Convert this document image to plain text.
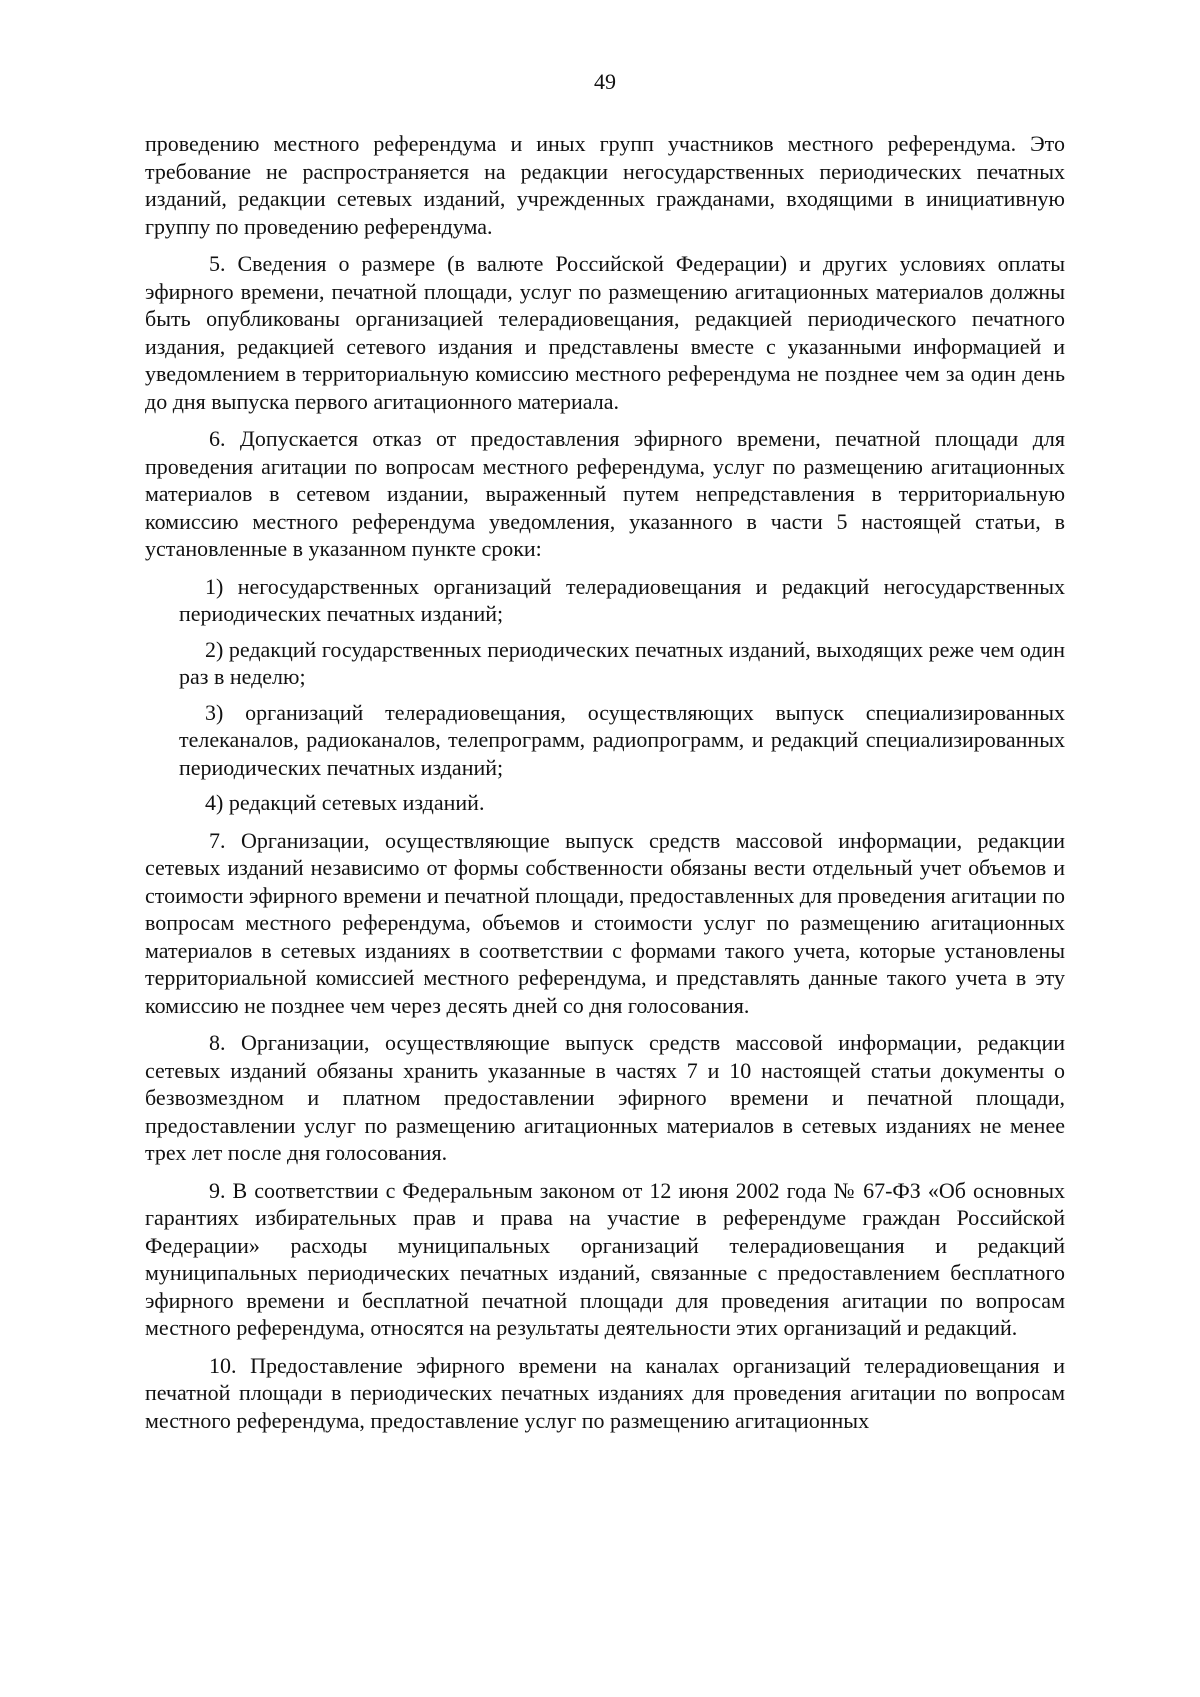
49

проведению местного референдума и иных групп участников местного референдума. Это требование не распространяется на редакции негосударственных периодических печатных изданий, редакции сетевых изданий, учрежденных гражданами, входящими в инициативную группу по проведению референдума.

5. Сведения о размере (в валюте Российской Федерации) и других условиях оплаты эфирного времени, печатной площади, услуг по размещению агитационных материалов должны быть опубликованы организацией телерадиовещания, редакцией периодического печатного издания, редакцией сетевого издания и представлены вместе с указанными информацией и уведомлением в территориальную комиссию местного референдума не позднее чем за один день до дня выпуска первого агитационного материала.

6. Допускается отказ от предоставления эфирного времени, печатной площади для проведения агитации по вопросам местного референдума, услуг по размещению агитационных материалов в сетевом издании, выраженный путем непредставления в территориальную комиссию местного референдума уведомления, указанного в части 5 настоящей статьи, в установленные в указанном пункте сроки:

1) негосударственных организаций телерадиовещания и редакций негосударственных периодических печатных изданий;
2) редакций государственных периодических печатных изданий, выходящих реже чем один раз в неделю;
3) организаций телерадиовещания, осуществляющих выпуск специализированных телеканалов, радиоканалов, телепрограмм, радиопрограмм, и редакций специализированных периодических печатных изданий;
4) редакций сетевых изданий.

7. Организации, осуществляющие выпуск средств массовой информации, редакции сетевых изданий независимо от формы собственности обязаны вести отдельный учет объемов и стоимости эфирного времени и печатной площади, предоставленных для проведения агитации по вопросам местного референдума, объемов и стоимости услуг по размещению агитационных материалов в сетевых изданиях в соответствии с формами такого учета, которые установлены территориальной комиссией местного референдума, и представлять данные такого учета в эту комиссию не позднее чем через десять дней со дня голосования.

8. Организации, осуществляющие выпуск средств массовой информации, редакции сетевых изданий обязаны хранить указанные в частях 7 и 10 настоящей статьи документы о безвозмездном и платном предоставлении эфирного времени и печатной площади, предоставлении услуг по размещению агитационных материалов в сетевых изданиях не менее трех лет после дня голосования.

9. В соответствии с Федеральным законом от 12 июня 2002 года № 67-ФЗ «Об основных гарантиях избирательных прав и права на участие в референдуме граждан Российской Федерации» расходы муниципальных организаций телерадиовещания и редакций муниципальных периодических печатных изданий, связанные с предоставлением бесплатного эфирного времени и бесплатной печатной площади для проведения агитации по вопросам местного референдума, относятся на результаты деятельности этих организаций и редакций.

10. Предоставление эфирного времени на каналах организаций телерадиовещания и печатной площади в периодических печатных изданиях для проведения агитации по вопросам местного референдума, предоставление услуг по размещению агитационных
